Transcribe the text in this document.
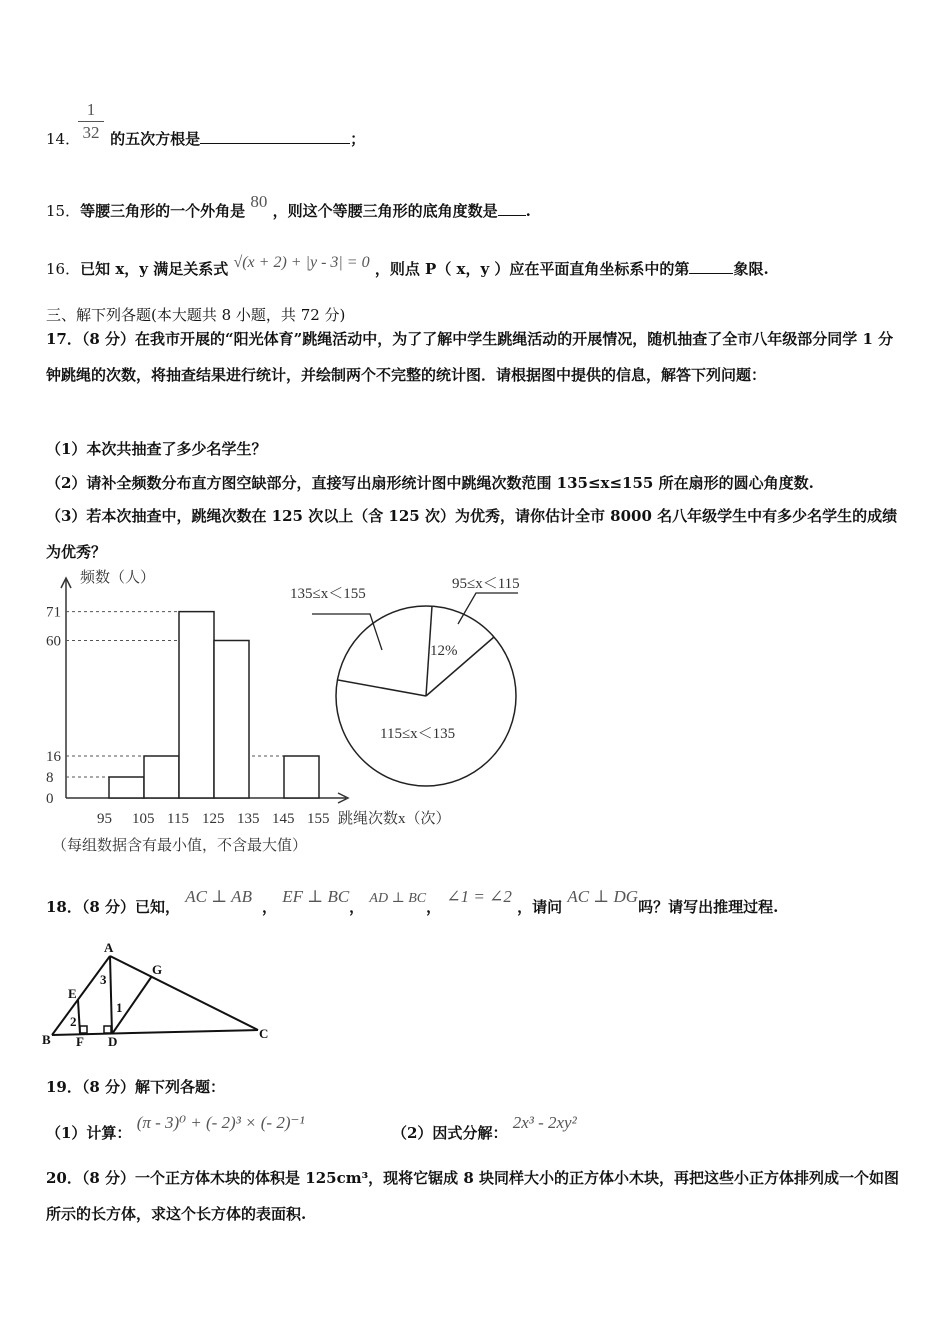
1
32
14． 的五次方根是	；
15．等腰三角形的一个外角是 80 ，则这个等腰三角形的底角度数是 .
16．已知 x，y 满足关系式 √(x + 2) + |y - 3| = 0 ，则点 P（ x，y ）应在平面直角坐标系中的第	象限.
三、解下列各题(本大题共 8 小题，共 72 分)
17．（8 分）在我市开展的“阳光体育”跳绳活动中，为了了解中学生跳绳活动的开展情况，随机抽查了全市八年级部分同学 1 分钟跳绳的次数，将抽查结果进行统计，并绘制两个不完整的统计图．请根据图中提供的信息，解答下列问题：
（1）本次共抽查了多少名学生？
（2）请补全频数分布直方图空缺部分，直接写出扇形统计图中跳绳次数范围 135≤x≤155 所在扇形的圆心角度数.
（3）若本次抽查中，跳绳次数在 125 次以上（含 125 次）为优秀，请你估计全市 8000 名八年级学生中有多少名学生的成绩为优秀？
频数（人）
0
8
16
60
71
95 105 115 125 135 145 155 跳绳次数x（次）
（每组数据含有最小值，不含最大值）
135≤x＜155
95≤x＜115
115≤x＜135
12%
18．（8 分）已知， AC ⊥ AB， EF ⊥ BC， AD ⊥ BC， ∠1 = ∠2 ，请问 AC ⊥ DG吗？请写出推理过程.
A
B	C
D
E
F
G
1
2
3
19．（8 分）解下列各题：
（1）计算： (π - 3)⁰ + (- 2)³ × (- 2)⁻¹
（2）因式分解： 2x³ - 2xy²
20．（8 分）一个正方体木块的体积是 125cm³，现将它锯成 8 块同样大小的正方体小木块，再把这些小正方体排列成一个如图所示的长方体，求这个长方体的表面积.
